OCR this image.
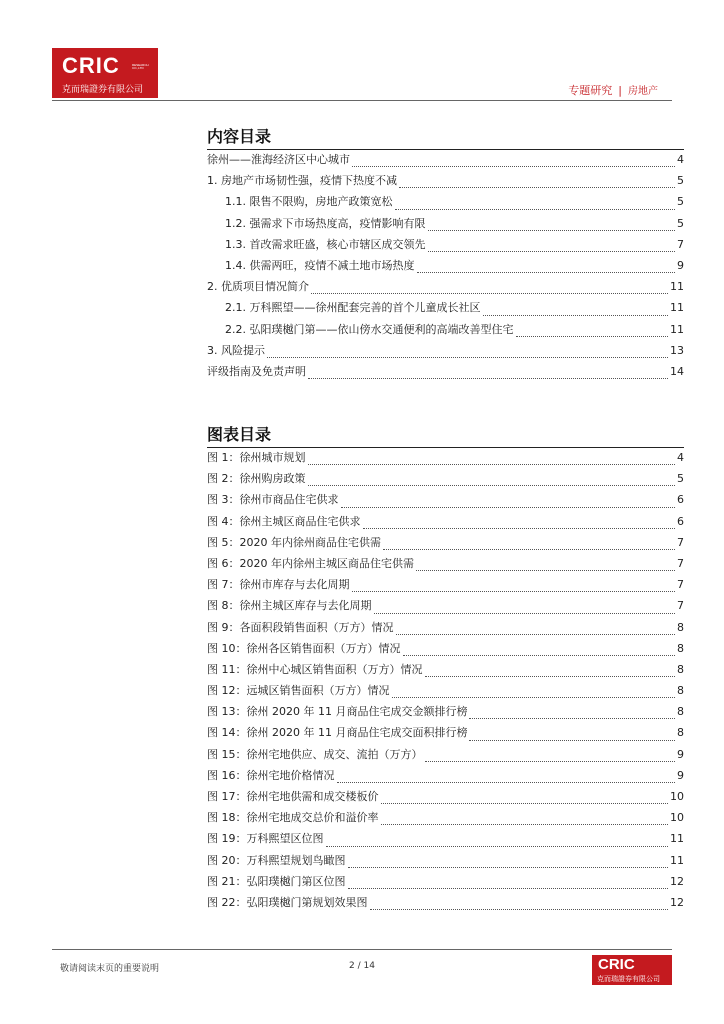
CRIC	RESEARCH CO.,LTD
克而瑞證券有限公司	专题研究 | 房地产
内容目录
徐州——淮海经济区中心城市	4
1. 房地产市场韧性强，疫情下热度不减	5
1.1. 限售不限购，房地产政策宽松	5
1.2. 强需求下市场热度高，疫情影响有限	5
1.3. 首改需求旺盛，核心市辖区成交领先	7
1.4. 供需两旺，疫情不减土地市场热度	9
2. 优质项目情况简介	11
2.1. 万科熙望——徐州配套完善的首个儿童成长社区	11
2.2. 弘阳璞樾门第——依山傍水交通便利的高端改善型住宅	11
3. 风险提示	13
评级指南及免责声明	14
图表目录
图 1：徐州城市规划	4
图 2：徐州购房政策	5
图 3：徐州市商品住宅供求	6
图 4：徐州主城区商品住宅供求	6
图 5：2020 年内徐州商品住宅供需	7
图 6：2020 年内徐州主城区商品住宅供需	7
图 7：徐州市库存与去化周期	7
图 8：徐州主城区库存与去化周期	7
图 9：各面积段销售面积（万方）情况	8
图 10：徐州各区销售面积（万方）情况	8
图 11：徐州中心城区销售面积（万方）情况	8
图 12：远城区销售面积（万方）情况	8
图 13：徐州 2020 年 11 月商品住宅成交金额排行榜	8
图 14：徐州 2020 年 11 月商品住宅成交面积排行榜	8
图 15：徐州宅地供应、成交、流拍（万方）	9
图 16：徐州宅地价格情况	9
图 17：徐州宅地供需和成交楼板价	10
图 18：徐州宅地成交总价和溢价率	10
图 19：万科熙望区位图	11
图 20：万科熙望规划鸟瞰图	11
图 21：弘阳璞樾门第区位图	12
图 22：弘阳璞樾门第规划效果图	12
敬请阅读末页的重要说明	2 / 14	CRIC
克而瑞證券有限公司
